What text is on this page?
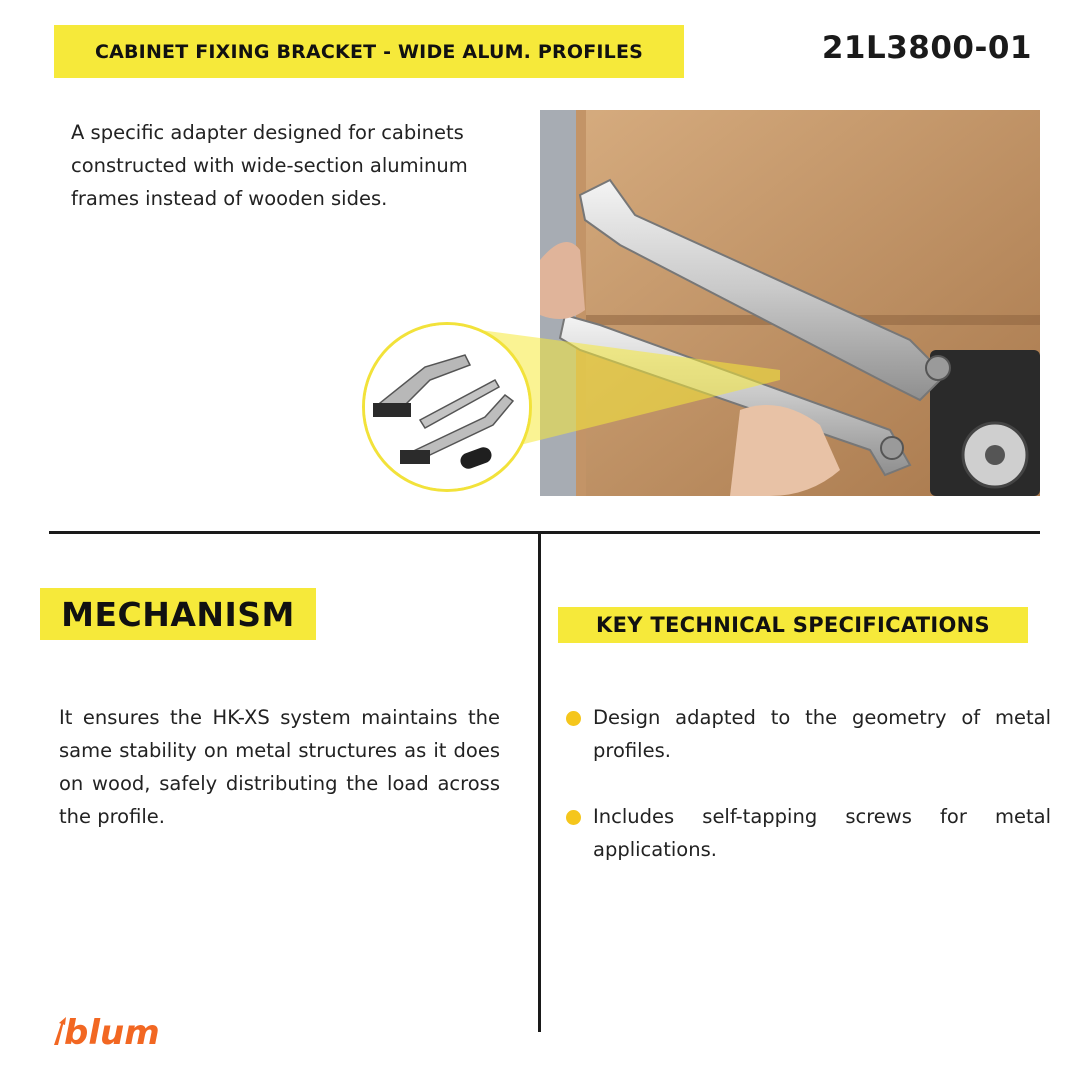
CABINET FIXING BRACKET - WIDE ALUM. PROFILES	21L3800-01
A specific adapter designed for cabinets constructed with wide-section aluminum frames instead of wooden sides.
MECHANISM
It ensures the HK-XS system maintains the same stability on metal structures as it does on wood, safely distributing the load across the profile.
KEY TECHNICAL SPECIFICATIONS
Design adapted to the geometry of metal profiles.
Includes self-tapping screws for metal applications.
blum
